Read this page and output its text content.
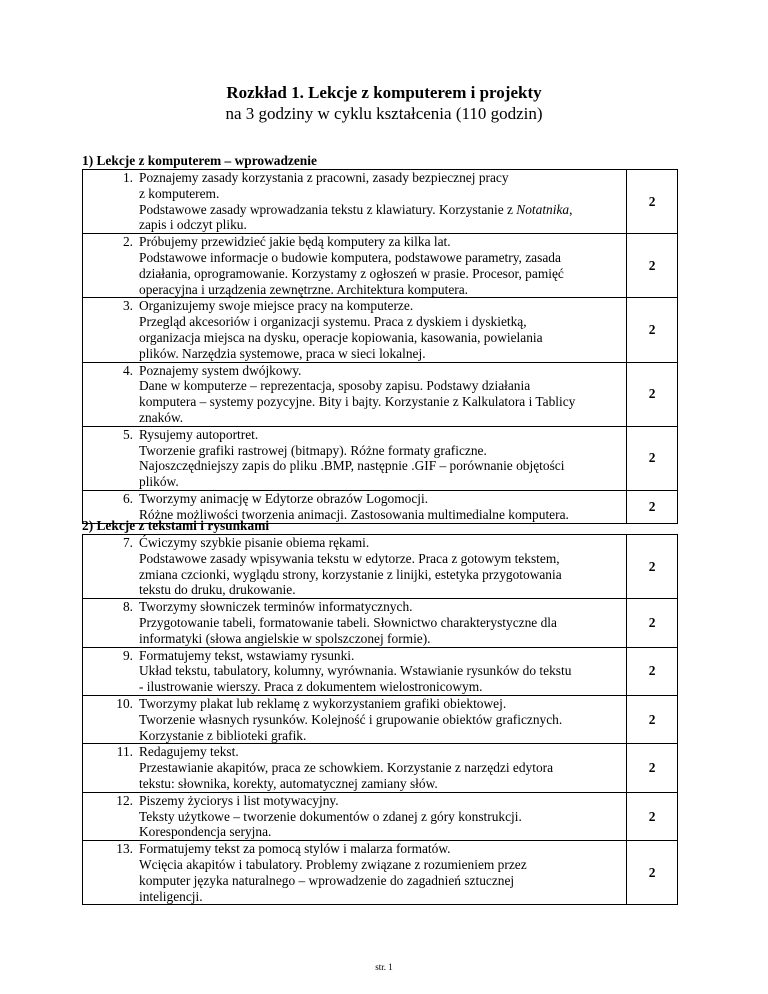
Rozkład 1. Lekcje z komputerem i projekty
na 3 godziny w cyklu kształcenia (110 godzin)
1) Lekcje z komputerem – wprowadzenie
1. Poznajemy zasady korzystania z pracowni, zasady bezpiecznej pracy
z komputerem.
Podstawowe zasady wprowadzania tekstu z klawiatury. Korzystanie z Notatnika,
zapis i odczyt pliku.	2

2. Próbujemy przewidzieć jakie będą komputery za kilka lat.
Podstawowe informacje o budowie komputera, podstawowe parametry, zasada
działania, oprogramowanie. Korzystamy z ogłoszeń w prasie. Procesor, pamięć
operacyjna i urządzenia zewnętrzne. Architektura komputera.	2

3. Organizujemy swoje miejsce pracy na komputerze.
Przegląd akcesoriów i organizacji systemu. Praca z dyskiem i dyskietką,
organizacja miejsca na dysku, operacje kopiowania, kasowania, powielania
plików. Narzędzia systemowe, praca w sieci lokalnej.	2

4. Poznajemy system dwójkowy.
Dane w komputerze – reprezentacja, sposoby zapisu. Podstawy działania
komputera – systemy pozycyjne. Bity i bajty. Korzystanie z Kalkulatora i Tablicy
znaków.	2

5. Rysujemy autoportret.
Tworzenie grafiki rastrowej (bitmapy). Różne formaty graficzne.
Najoszczędniejszy zapis do pliku .BMP, następnie .GIF – porównanie objętości
plików.	2

6. Tworzymy animację w Edytorze obrazów Logomocji.
Różne możliwości tworzenia animacji. Zastosowania multimedialne komputera.	2
2) Lekcje z tekstami i rysunkami
7. Ćwiczymy szybkie pisanie obiema rękami.
Podstawowe zasady wpisywania tekstu w edytorze. Praca z gotowym tekstem,
zmiana czcionki, wyglądu strony, korzystanie z linijki, estetyka przygotowania
tekstu do druku, drukowanie.	2

8. Tworzymy słowniczek terminów informatycznych.
Przygotowanie tabeli, formatowanie tabeli. Słownictwo charakterystyczne dla
informatyki (słowa angielskie w spolszczonej formie).	2

9. Formatujemy tekst, wstawiamy rysunki.
Układ tekstu, tabulatory, kolumny, wyrównania. Wstawianie rysunków do tekstu
- ilustrowanie wierszy. Praca z dokumentem wielostronicowym.	2

10. Tworzymy plakat lub reklamę z wykorzystaniem grafiki obiektowej.
Tworzenie własnych rysunków. Kolejność i grupowanie obiektów graficznych.
Korzystanie z biblioteki grafik.	2

11. Redagujemy tekst.
Przestawianie akapitów, praca ze schowkiem. Korzystanie z narzędzi edytora
tekstu: słownika, korekty, automatycznej zamiany słów.	2

12. Piszemy życiorys i list motywacyjny.
Teksty użytkowe – tworzenie dokumentów o zdanej z góry konstrukcji.
Korespondencja seryjna.	2

13. Formatujemy tekst za pomocą stylów i malarza formatów.
Wcięcia akapitów i tabulatory. Problemy związane z rozumieniem przez
komputer języka naturalnego – wprowadzenie do zagadnień sztucznej
inteligencji.	2
str. 1
